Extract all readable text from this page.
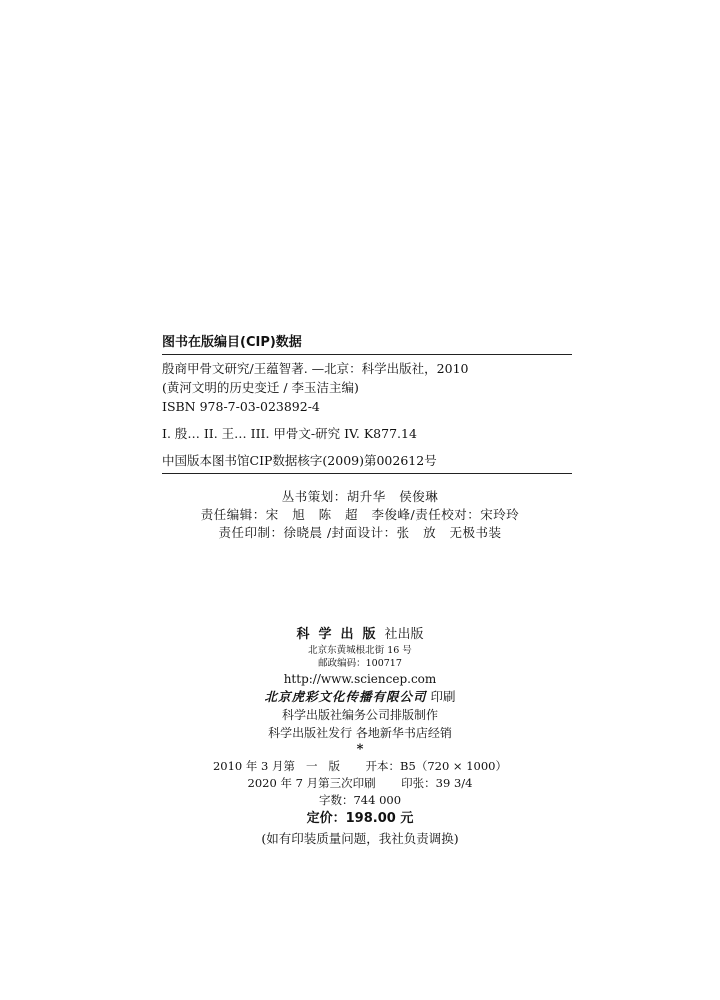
图书在版编目(CIP)数据
殷商甲骨文研究/王蕴智著. —北京：科学出版社，2010
(黄河文明的历史变迁 / 李玉洁主编)
ISBN 978-7-03-023892-4
I. 殷… II. 王… III. 甲骨文-研究 IV. K877.14
中国版本图书馆CIP数据核字(2009)第002612号
丛书策划：胡升华   侯俊琳
责任编辑：宋   旭   陈   超   李俊峰/责任校对：宋玲玲
责任印制：徐晓晨 /封面设计：张   放   无极书装
科学出版社出版
北京东黄城根北街 16 号
邮政编码：100717
http://www.sciencep.com
北京虎彩文化传播有限公司 印刷
科学出版社编务公司排版制作
科学出版社发行 各地新华书店经销
*
2010 年 3 月第   一   版       开本：B5（720 × 1000）
2020 年 7 月第三次印刷       印张：39 3/4
字数：744 000
定价：198.00 元
(如有印装质量问题，我社负责调换)
